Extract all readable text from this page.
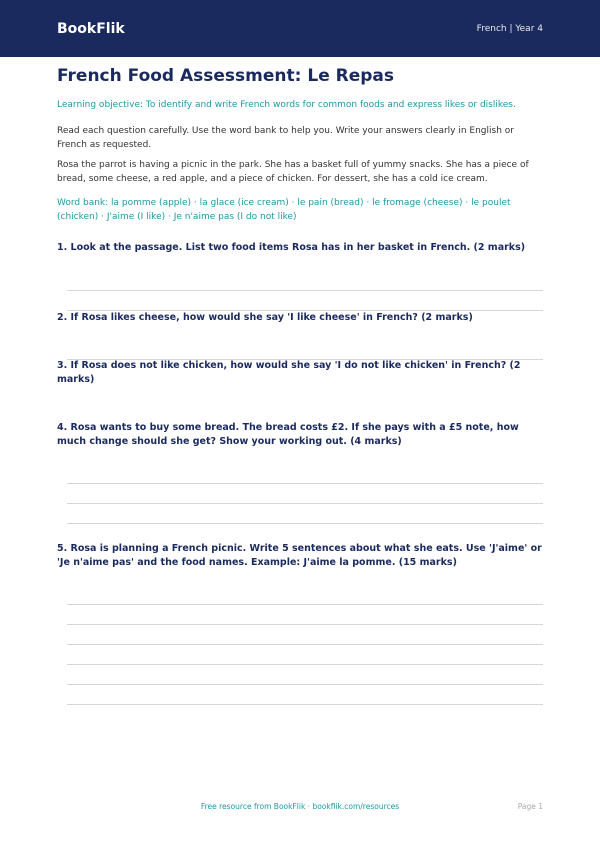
BookFlik	French | Year 4
French Food Assessment: Le Repas
Learning objective: To identify and write French words for common foods and express likes or dislikes.
Read each question carefully. Use the word bank to help you. Write your answers clearly in English or French as requested.
Rosa the parrot is having a picnic in the park. She has a basket full of yummy snacks. She has a piece of bread, some cheese, a red apple, and a piece of chicken. For dessert, she has a cold ice cream.
Word bank: la pomme (apple) · la glace (ice cream) · le pain (bread) · le fromage (cheese) · le poulet (chicken) · J'aime (I like) · Je n'aime pas (I do not like)
1. Look at the passage. List two food items Rosa has in her basket in French. (2 marks)
2. If Rosa likes cheese, how would she say 'I like cheese' in French? (2 marks)
3. If Rosa does not like chicken, how would she say 'I do not like chicken' in French? (2 marks)
4. Rosa wants to buy some bread. The bread costs £2. If she pays with a £5 note, how much change should she get? Show your working out. (4 marks)
5. Rosa is planning a French picnic. Write 5 sentences about what she eats. Use 'J'aime' or 'Je n'aime pas' and the food names. Example: J'aime la pomme. (15 marks)
Free resource from BookFlik · bookflik.com/resources	Page 1
